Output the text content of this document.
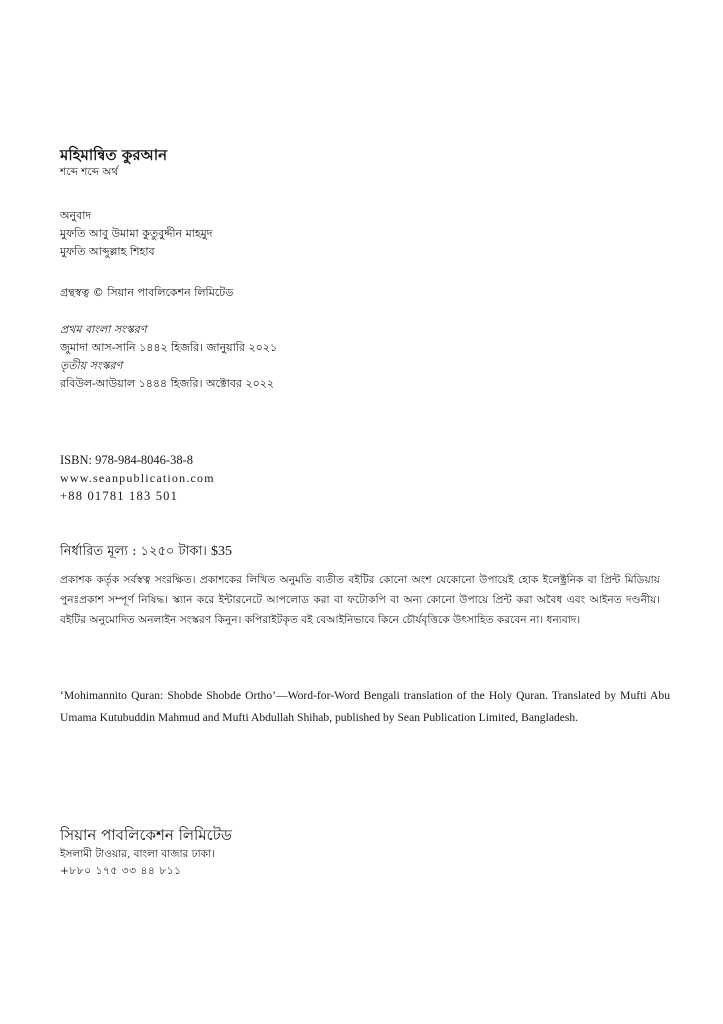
মহিমান্বিত কুরআন
শব্দে শব্দে অর্থ
অনুবাদ
মুফতি আবু উমামা কুতুবুদ্দীন মাহমুদ
মুফতি আব্দুল্লাহ শিহাব
গ্রন্থস্বত্ব © সিয়ান পাবলিকেশন লিমিটেড
প্রথম বাংলা সংস্করণ
জুমাদা আস-সানি ১৪৪২ হিজরি। জানুয়ারি ২০২১
তৃতীয় সংস্করণ
রবিউল-আউয়াল ১৪৪৪ হিজরি। অক্টোবর ২০২২
ISBN: 978-984-8046-38-8
www.seanpublication.com
+88 01781 183 501
নির্ধারিত মূল্য : ১২৫০ টাকা। $35
প্রকাশক কর্তৃক সর্বস্বত্ব সংরক্ষিত। প্রকাশকের লিখিত অনুমতি ব্যতীত বইটির কোনো অংশ যেকোনো উপায়েই হোক ইলেক্ট্রনিক বা প্রিন্ট মিডিয়ায় পুনঃপ্রকাশ সম্পূর্ণ নিষিদ্ধ। স্ক্যান করে ইন্টারনেটে আপলোড করা বা ফটোকপি বা অন্য কোনো উপায়ে প্রিন্ট করা অবৈধ এবং আইনত দণ্ডনীয়। বইটির অনুমোদিত অনলাইন সংস্করণ কিনুন। কপিরাইটকৃত বই বেআইনিভাবে কিনে চৌর্যবৃত্তিকে উৎসাহিত করবেন না। ধন্যবাদ।
‘Mohimannito Quran: Shobde Shobde Ortho’—Word-for-Word Bengali translation of the Holy Quran. Translated by Mufti Abu Umama Kutubuddin Mahmud and Mufti Abdullah Shihab, published by Sean Publication Limited, Bangladesh.
সিয়ান পাবলিকেশন লিমিটেড
ইসলামী টাওয়ার, বাংলা বাজার ঢাকা।
+৮৮০ ১৭৫ ৩৩ ৪৪ ৮১১
